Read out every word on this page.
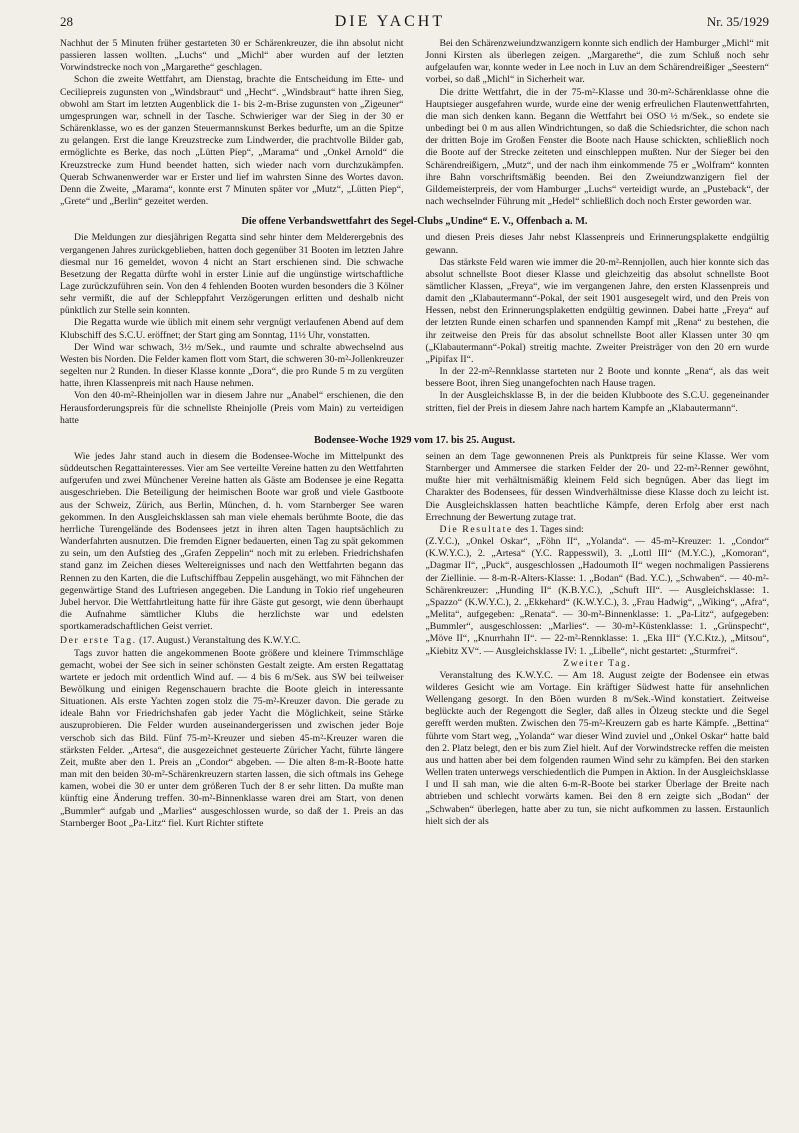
28	DIE YACHT	Nr. 35/1929

Nachhut der 5 Minuten früher gestarteten 30 er Schärenkreuzer, die ihn absolut nicht passieren lassen wollten. „Luchs“ und „Michl“ aber wurden auf der letzten Vorwindstrecke noch von „Margarethe“ geschlagen.

Schon die zweite Wettfahrt, am Dienstag, brachte die Entscheidung im Ette- und Ceciliepreis zugunsten von „Windsbraut“ und „Hecht“. „Windsbraut“ hatte ihren Sieg, obwohl am Start im letzten Augenblick die 1- bis 2-m-Brise zugunsten von „Zigeuner“ umgesprungen war, schnell in der Tasche. Schwieriger war der Sieg in der 30 er Schärenklasse, wo es der ganzen Steuermannskunst Berkes bedurfte, um an die Spitze zu gelangen. Erst die lange Kreuzstrecke zum Lindwerder, die prachtvolle Bilder gab, ermöglichte es Berke, das noch „Lütten Piep“, „Marama“ und „Onkel Arnold“ die Kreuzstrecke zum Hund beendet hatten, sich wieder nach vorn durchzukämpfen. Querab Schwanenwerder war er Erster und lief im wahrsten Sinne des Wortes davon. Denn die Zweite, „Marama“, konnte erst 7 Minuten später vor „Mutz“, „Lütten Piep“, „Grete“ und „Berlin“ gezeitet werden.

Bei den Schärenzweiundzwanzigern konnte sich endlich der Hamburger „Michl“ mit Jonni Kirsten als überlegen zeigen. „Margarethe“, die zum Schluß noch sehr aufgelaufen war, konnte weder in Lee noch in Luv an dem Schärendreißiger „Seestern“ vorbei, so daß „Michl“ in Sicherheit war.

Die dritte Wettfahrt, die in der 75-m²-Klasse und 30-m²-Schärenklasse ohne die Hauptsieger ausgefahren wurde, wurde eine der wenig erfreulichen Flautenwettfahrten, die man sich denken kann. Begann die Wettfahrt bei OSO ½ m/Sek., so endete sie unbedingt bei 0 m aus allen Windrichtungen, so daß die Schiedsrichter, die schon nach der dritten Boje im Großen Fenster die Boote nach Hause schickten, schließlich noch die Boote auf der Strecke zeiteten und einschleppen mußten. Nur der Sieger bei den Schärendreißigern, „Mutz“, und der nach ihm einkommende 75 er „Wolfram“ konnten ihre Bahn vorschriftsmäßig beenden. Bei den Zweiundzwanzigern fiel der Gildemeisterpreis, der vom Hamburger „Luchs“ verteidigt wurde, an „Pusteback“, der nach wechselnder Führung mit „Hedel“ schließlich doch noch Erster geworden war.

Die offene Verbandswettfahrt des Segel-Clubs „Undine“ E. V., Offenbach a. M.

Die Meldungen zur diesjährigen Regatta sind sehr hinter dem Melderergebnis des vergangenen Jahres zurückgeblieben, hatten doch gegenüber 31 Booten im letzten Jahre diesmal nur 16 gemeldet, wovon 4 nicht an Start erschienen sind. Die schwache Besetzung der Regatta dürfte wohl in erster Linie auf die ungünstige wirtschaftliche Lage zurückzuführen sein. Von den 4 fehlenden Booten wurden besonders die 3 Kölner sehr vermißt, die auf der Schleppfahrt Verzögerungen erlitten und deshalb nicht pünktlich zur Stelle sein konnten.

Die Regatta wurde wie üblich mit einem sehr vergnügt verlaufenen Abend auf dem Klubschiff des S.C.U. eröffnet; der Start ging am Sonntag, 11½ Uhr, vonstatten.

Der Wind war schwach, 3½ m/Sek., und raumte und schralte abwechselnd aus Westen bis Norden. Die Felder kamen flott vom Start, die schweren 30-m²-Jollenkreuzer segelten nur 2 Runden. In dieser Klasse konnte „Dora“, die pro Runde 5 m zu vergüten hatte, ihren Klassenpreis mit nach Hause nehmen.

Von den 40-m²-Rheinjollen war in diesem Jahre nur „Anabel“ erschienen, die den Herausforderungspreis für die schnellste Rheinjolle (Preis vom Main) zu verteidigen hatte

und diesen Preis dieses Jahr nebst Klassenpreis und Erinnerungsplakette endgültig gewann.

Das stärkste Feld waren wie immer die 20-m²-Rennjollen, auch hier konnte sich das absolut schnellste Boot dieser Klasse und gleichzeitig das absolut schnellste Boot sämtlicher Klassen, „Freya“, wie im vergangenen Jahre, den ersten Klassenpreis und damit den „Klabautermann“-Pokal, der seit 1901 ausgesegelt wird, und den Preis von Hessen, nebst den Erinnerungsplaketten endgültig gewinnen. Dabei hatte „Freya“ auf der letzten Runde einen scharfen und spannenden Kampf mit „Rena“ zu bestehen, die ihr zeitweise den Preis für das absolut schnellste Boot aller Klassen unter 30 qm („Klabautermann“-Pokal) streitig machte. Zweiter Preisträger von den 20 ern wurde „Pipifax II“.

In der 22-m²-Rennklasse starteten nur 2 Boote und konnte „Rena“, als das weit bessere Boot, ihren Sieg unangefochten nach Hause tragen.

In der Ausgleichsklasse B, in der die beiden Klubboote des S.C.U. gegeneinander stritten, fiel der Preis in diesem Jahre nach hartem Kampfe an „Klabautermann“.

Bodensee-Woche 1929 vom 17. bis 25. August.

Wie jedes Jahr stand auch in diesem die Bodensee-Woche im Mittelpunkt des süddeutschen Regattainteresses. Vier am See verteilte Vereine hatten zu den Wettfahrten aufgerufen und zwei Münchener Vereine hatten als Gäste am Bodensee je eine Regatta ausgeschrieben. Die Beteiligung der heimischen Boote war groß und viele Gastboote aus der Schweiz, Zürich, aus Berlin, München, d. h. vom Starnberger See waren gekommen. In den Ausgleichsklassen sah man viele ehemals berühmte Boote, die das herrliche Turengelände des Bodensees jetzt in ihren alten Tagen hauptsächlich zu Wanderfahrten ausnutzen. Die fremden Eigner bedauerten, einen Tag zu spät gekommen zu sein, um den Aufstieg des „Grafen Zeppelin“ noch mit zu erleben. Friedrichshafen stand ganz im Zeichen dieses Weltereignisses und nach den Wettfahrten begann das Rennen zu den Karten, die die Luftschiffbau Zeppelin ausgehängt, wo mit Fähnchen der gegenwärtige Stand des Luftriesen angegeben. Die Landung in Tokio rief ungeheuren Jubel hervor. Die Wettfahrtleitung hatte für ihre Gäste gut gesorgt, wie denn überhaupt die Aufnahme sämtlicher Klubs die herzlichste war und edelsten sportkameradschaftlichen Geist verriet.

Der erste Tag. (17. August.) Veranstaltung des K.W.Y.C.

Tags zuvor hatten die angekommenen Boote größere und kleinere Trimmschläge gemacht, wobei der See sich in seiner schönsten Gestalt zeigte. Am ersten Regattatag wartete er jedoch mit ordentlich Wind auf. — 4 bis 6 m/Sek. aus SW bei teilweiser Bewölkung und einigen Regenschauern brachte die Boote gleich in interessante Situationen. Als erste Yachten zogen stolz die 75-m²-Kreuzer davon. Die gerade zu ideale Bahn vor Friedrichshafen gab jeder Yacht die Möglichkeit, seine Stärke auszuprobieren. Die Felder wurden auseinandergerissen und zwischen jeder Boje verschob sich das Bild. Fünf 75-m²-Kreuzer und sieben 45-m²-Kreuzer waren die stärksten Felder. „Artesa“, die ausgezeichnet gesteuerte Züricher Yacht, führte längere Zeit, mußte aber den 1. Preis an „Condor“ abgeben. — Die alten 8-m-R-Boote hatte man mit den beiden 30-m²-Schärenkreuzern starten lassen, die sich oftmals ins Gehege kamen, wobei die 30 er unter dem größeren Tuch der 8 er sehr litten. Da mußte man künftig eine Änderung treffen. 30-m²-Binnenklasse waren drei am Start, von denen „Bummler“ aufgab und „Marlies“ ausgeschlossen wurde, so daß der 1. Preis an das Starnberger Boot „Pa-Litz“ fiel. Kurt Richter stiftete

seinen an dem Tage gewonnenen Preis als Punktpreis für seine Klasse. Wer vom Starnberger und Ammersee die starken Felder der 20- und 22-m²-Renner gewöhnt, mußte hier mit verhältnismäßig kleinem Feld sich begnügen. Aber das liegt im Charakter des Bodensees, für dessen Windverhältnisse diese Klasse doch zu leicht ist. Die Ausgleichsklassen hatten beachtliche Kämpfe, deren Erfolg aber erst nach Errechnung der Bewertung zutage trat.

Die Resultate des 1. Tages sind:

(Z.Y.C.), „Onkel Oskar“, „Föhn II“, „Yolanda“. — 45-m²-Kreuzer: 1. „Condor“ (K.W.Y.C.), 2. „Artesa“ (Y.C. Rappesswil), 3. „Lottl III“ (M.Y.C.), „Komoran“, „Dagmar II“, „Puck“, ausgeschlossen „Hadoumoth II“ wegen nochmaligen Passierens der Ziellinie. — 8-m-R-Alters-Klasse: 1. „Bodan“ (Bad. Y.C.), „Schwaben“. — 40-m²-Schärenkreuzer: „Hunding II“ (K.B.Y.C.), „Schuft III“. — Ausgleichsklasse: 1. „Spazzo“ (K.W.Y.C.), 2. „Ekkehard“ (K.W.Y.C.), 3. „Frau Hadwig“, „Wiking“, „Afra“, „Melita“, aufgegeben: „Renata“. — 30-m²-Binnenklasse: 1. „Pa-Litz“, aufgegeben: „Bummler“, ausgeschlossen: „Marlies“. — 30-m²-Küstenklasse: 1. „Grünspecht“, „Möve II“, „Knurrhahn II“. — 22-m²-Rennklasse: 1. „Eka III“ (Y.C.Ktz.), „Mitsou“, „Kiebitz XV“. — Ausgleichsklasse IV: 1. „Libelle“, nicht gestartet: „Sturmfrei“.

Zweiter Tag.

Veranstaltung des K.W.Y.C. — Am 18. August zeigte der Bodensee ein etwas wilderes Gesicht wie am Vortage. Ein kräftiger Südwest hatte für ansehnlichen Wellengang gesorgt. In den Böen wurden 8 m/Sek.-Wind konstatiert. Zeitweise beglückte auch der Regengott die Segler, daß alles in Ölzeug steckte und die Segel gerefft werden mußten. Zwischen den 75-m²-Kreuzern gab es harte Kämpfe. „Bettina“ führte vom Start weg, „Yolanda“ war dieser Wind zuviel und „Onkel Oskar“ hatte bald den 2. Platz belegt, den er bis zum Ziel hielt. Auf der Vorwindstrecke reffen die meisten aus und hatten aber bei dem folgenden raumen Wind sehr zu kämpfen. Bei den starken Wellen traten unterwegs verschiedentlich die Pumpen in Aktion. In der Ausgleichsklasse I und II sah man, wie die alten 6-m-R-Boote bei starker Überlage der Breite nach abtrieben und schlecht vorwärts kamen. Bei den 8 ern zeigte sich „Bodan“ der „Schwaben“ überlegen, hatte aber zu tun, sie nicht aufkommen zu lassen. Erstaunlich hielt sich der als
